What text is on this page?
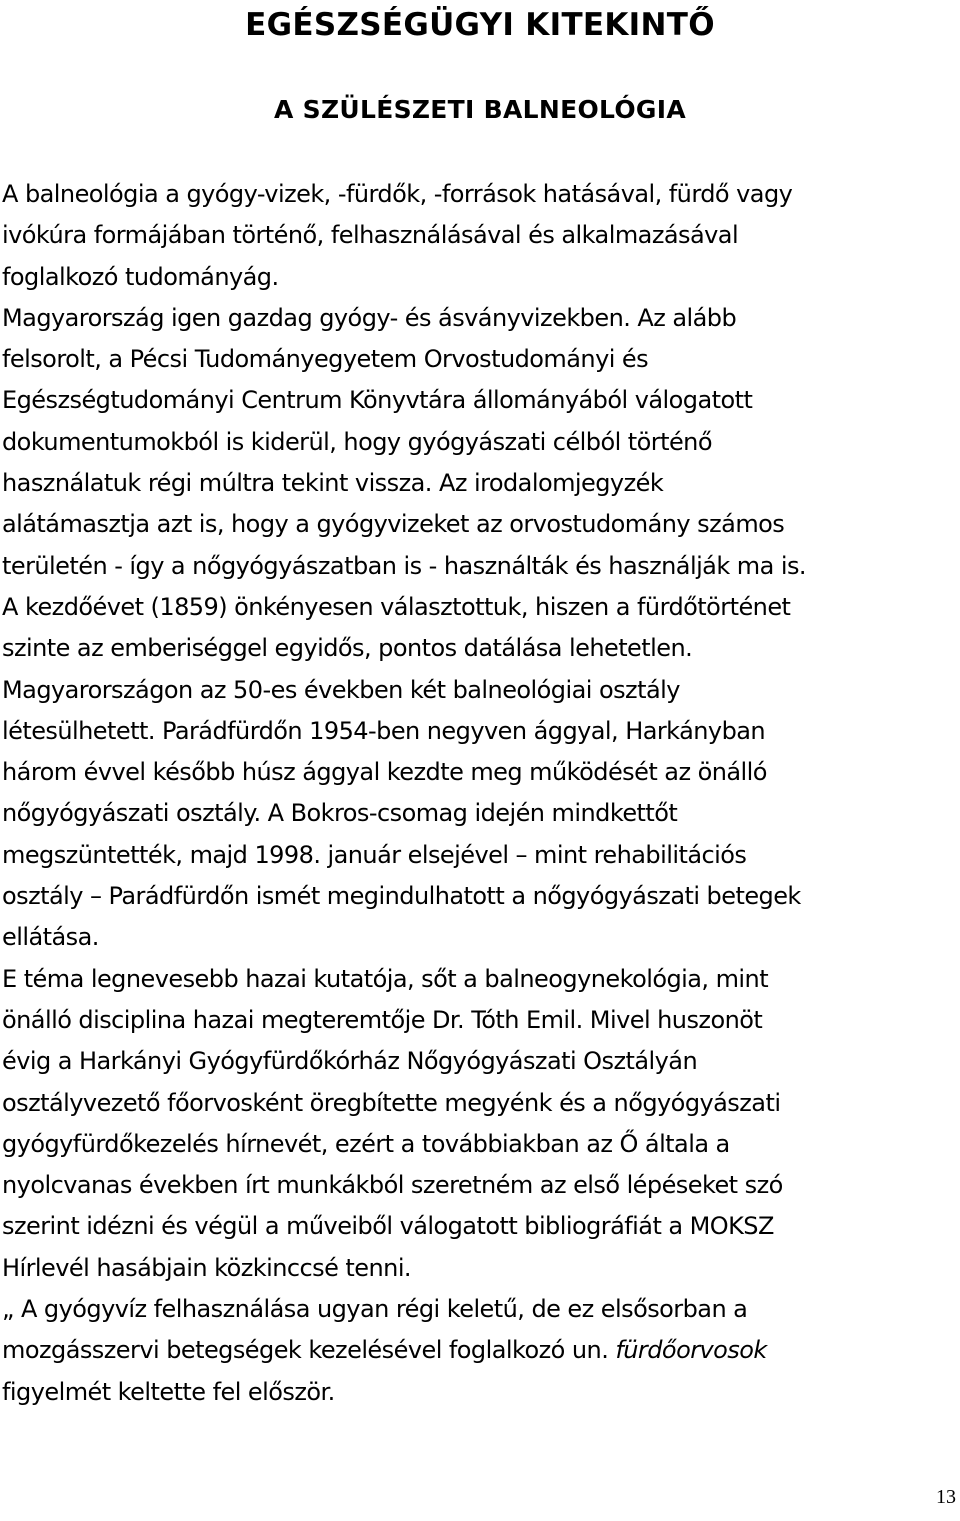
EGÉSZSÉGÜGYI KITEKINTŐ
A SZÜLÉSZETI BALNEOLÓGIA
A balneológia a gyógy-vizek, -fürdők, -források hatásával, fürdő vagy
ivókúra formájában történő, felhasználásával és alkalmazásával
foglalkozó tudományág.
Magyarország igen gazdag gyógy- és ásványvizekben. Az alább
felsorolt, a Pécsi Tudományegyetem Orvostudományi és
Egészségtudományi Centrum Könyvtára állományából válogatott
dokumentumokból is kiderül, hogy gyógyászati célból történő
használatuk régi múltra tekint vissza. Az irodalomjegyzék
alátámasztja azt is, hogy a gyógyvizeket az orvostudomány számos
területén - így a nőgyógyászatban is - használták és használják ma is.
A kezdőévet (1859) önkényesen választottuk, hiszen a fürdőtörténet
szinte az emberiséggel egyidős, pontos datálása lehetetlen.
Magyarországon az 50-es években két balneológiai osztály
létesülhetett. Parádfürdőn 1954-ben negyven ággyal, Harkányban
három évvel később húsz ággyal kezdte meg működését az önálló
nőgyógyászati osztály. A Bokros-csomag idején mindkettőt
megszüntették, majd 1998. január elsejével – mint rehabilitációs
osztály – Parádfürdőn ismét megindulhatott a nőgyógyászati betegek
ellátása.
E téma legnevesebb hazai kutatója, sőt a balneogynekológia, mint
önálló disciplina hazai megteremtője Dr. Tóth Emil. Mivel huszonöt
évig a Harkányi Gyógyfürdőkórház Nőgyógyászati Osztályán
osztályvezető főorvosként öregbítette megyénk és a nőgyógyászati
gyógyfürdőkezelés hírnevét, ezért a továbbiakban az Ő általa a
nyolcvanas években írt munkákból szeretném az első lépéseket szó
szerint idézni és végül a műveiből válogatott bibliográfiát a MOKSZ
Hírlevél hasábjain közkinccsé tenni.
„ A gyógyvíz felhasználása ugyan régi keletű, de ez elsősorban a
mozgásszervi betegségek kezelésével foglalkozó un. fürdőorvosok
figyelmét keltette fel először.
13
